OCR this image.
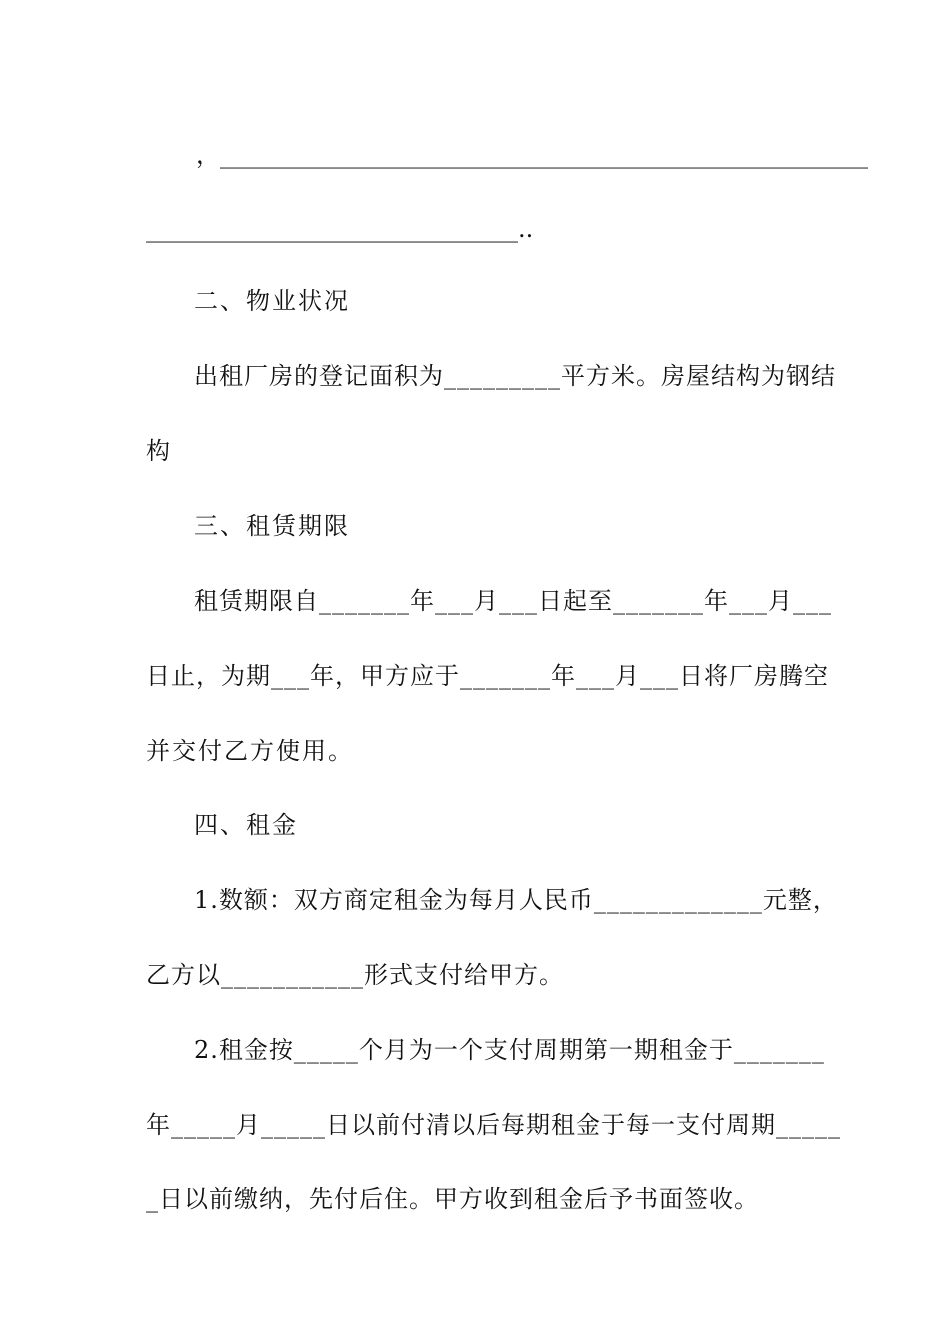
，______________________________________________________
_______________________________..
二、物业状况
出租厂房的登记面积为_________平方米。房屋结构为钢结
构
三、租赁期限
租赁期限自_______年___月___日起至_______年___月___
日止，为期___年，甲方应于_______年___月___日将厂房腾空
并交付乙方使用。
四、租金
1.数额：双方商定租金为每月人民币_____________元整，
乙方以___________形式支付给甲方。
2.租金按_____个月为一个支付周期第一期租金于_______
年_____月_____日以前付清以后每期租金于每一支付周期_____
_日以前缴纳，先付后住。甲方收到租金后予书面签收。
